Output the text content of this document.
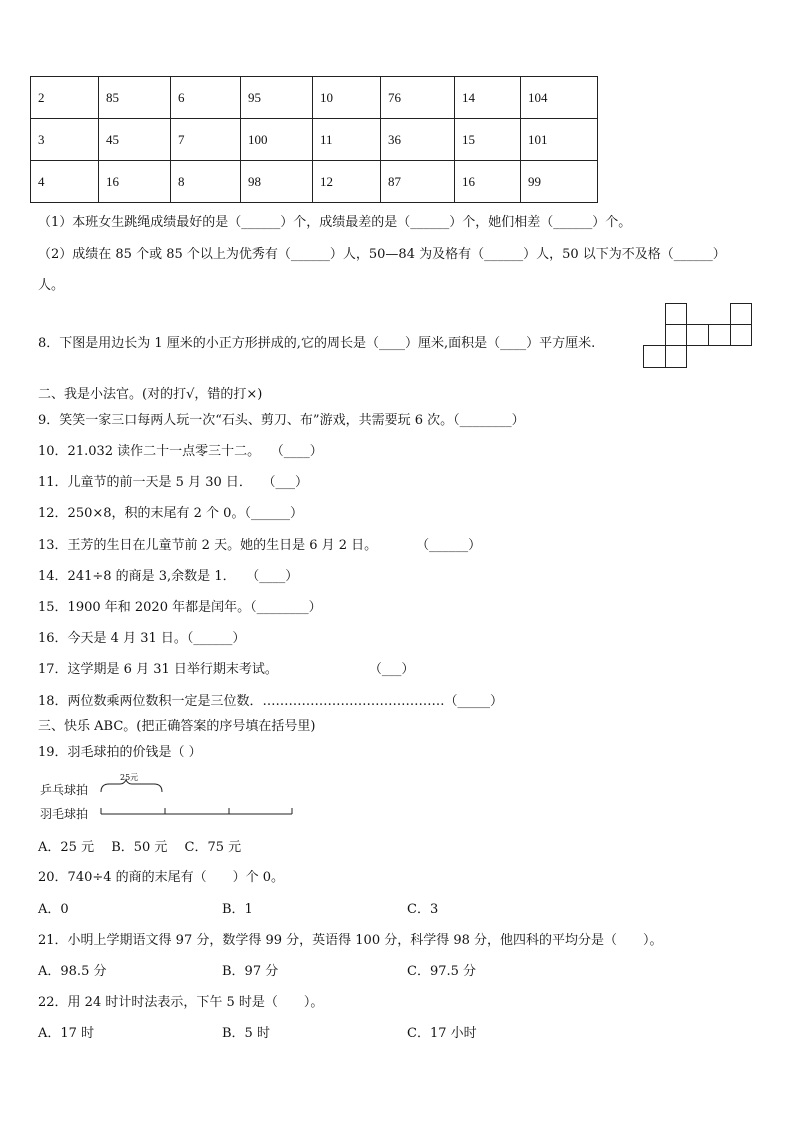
2	85	6	95	10	76	14	104
3	45	7	100	11	36	15	101
4	16	8	98	12	87	16	99
（1）本班女生跳绳成绩最好的是（______）个，成绩最差的是（______）个，她们相差（______）个。
（2）成绩在 85 个或 85 个以上为优秀有（______）人，50—84 为及格有（______）人，50 以下为不及格（______）
人。
8．下图是用边长为 1 厘米的小正方形拼成的,它的周长是（____）厘米,面积是（____）平方厘米.
二、我是小法官。(对的打√，错的打×)
9．笑笑一家三口每两人玩一次“石头、剪刀、布”游戏，共需要玩 6 次。（________）
10．21.032 读作二十一点零三十二。　 （____）
11．儿童节的前一天是 5 月 30 日．　 （___）
12．250×8，积的末尾有 2 个 0。（______）
13．王芳的生日在儿童节前 2 天。她的生日是 6 月 2 日。　　　　（______）
14．241÷8 的商是 3,余数是 1．　 （____）
15．1900 年和 2020 年都是闰年。（________）
16．今天是 4 月 31 日。（______）
17．这学期是 6 月 31 日举行期末考试。　　　　　　　　（___）
18．两位数乘两位数积一定是三位数．……………………………………（_____）
三、快乐 ABC。(把正确答案的序号填在括号里)
19．羽毛球拍的价钱是（ ）
乒乓球拍
羽毛球拍
25元
A．25 元　 B．50 元　 C．75 元
20．740÷4 的商的末尾有（　　）个 0。
A．0	B．1	C．3
21．小明上学期语文得 97 分，数学得 99 分，英语得 100 分，科学得 98 分，他四科的平均分是（　　）。
A．98.5 分	B．97 分	C．97.5 分
22．用 24 时计时法表示，下午 5 时是（　　）。
A．17 时	B．5 时	C．17 小时
